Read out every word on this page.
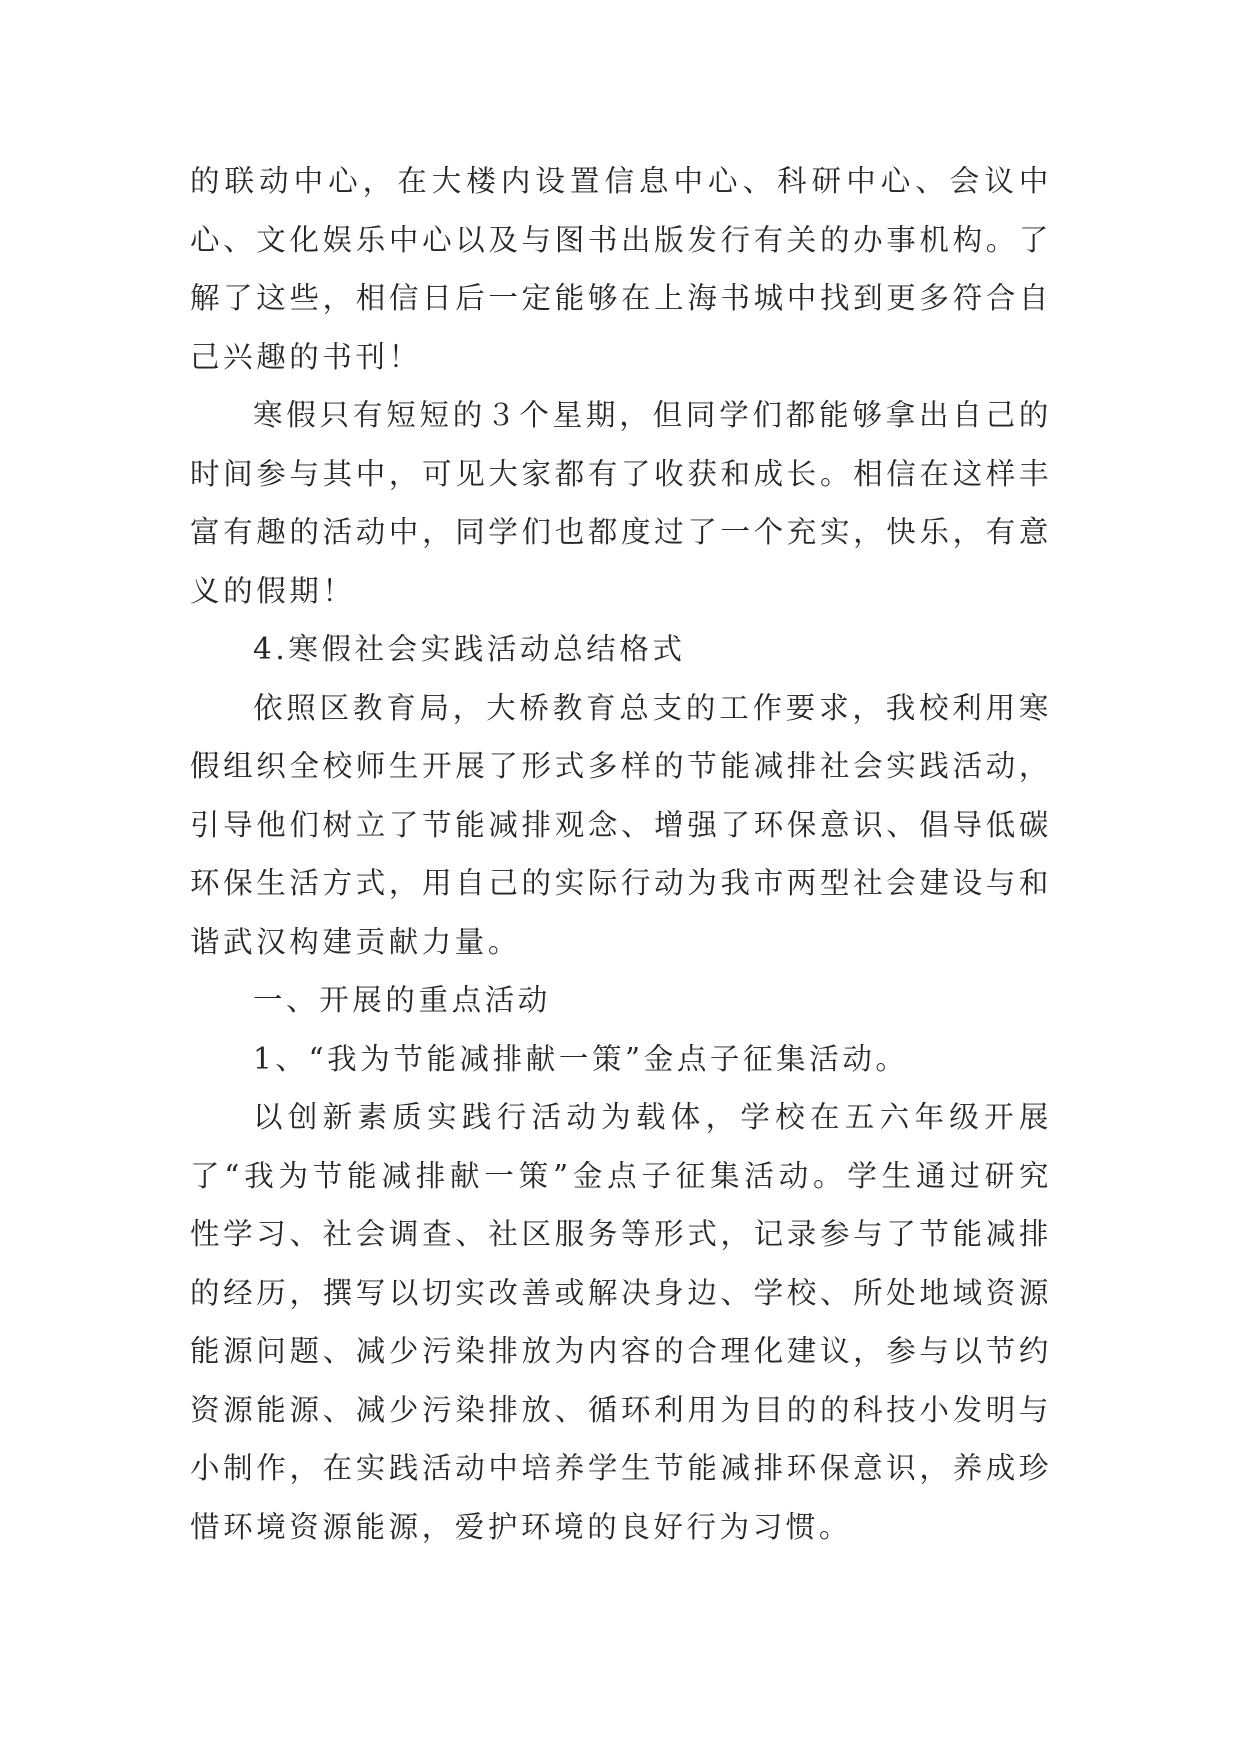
的联动中心，在大楼内设置信息中心、科研中心、会议中心、文化娱乐中心以及与图书出版发行有关的办事机构。了解了这些，相信日后一定能够在上海书城中找到更多符合自己兴趣的书刊！

寒假只有短短的３个星期，但同学们都能够拿出自己的时间参与其中，可见大家都有了收获和成长。相信在这样丰富有趣的活动中，同学们也都度过了一个充实，快乐，有意义的假期！

4.寒假社会实践活动总结格式

依照区教育局，大桥教育总支的工作要求，我校利用寒假组织全校师生开展了形式多样的节能减排社会实践活动，引导他们树立了节能减排观念、增强了环保意识、倡导低碳环保生活方式，用自己的实际行动为我市两型社会建设与和谐武汉构建贡献力量。

一、开展的重点活动

1、“我为节能减排献一策”金点子征集活动。

以创新素质实践行活动为载体，学校在五六年级开展了“我为节能减排献一策”金点子征集活动。学生通过研究性学习、社会调查、社区服务等形式，记录参与了节能减排的经历，撰写以切实改善或解决身边、学校、所处地域资源能源问题、减少污染排放为内容的合理化建议，参与以节约资源能源、减少污染排放、循环利用为目的的科技小发明与小制作，在实践活动中培养学生节能减排环保意识，养成珍惜环境资源能源，爱护环境的良好行为习惯。
